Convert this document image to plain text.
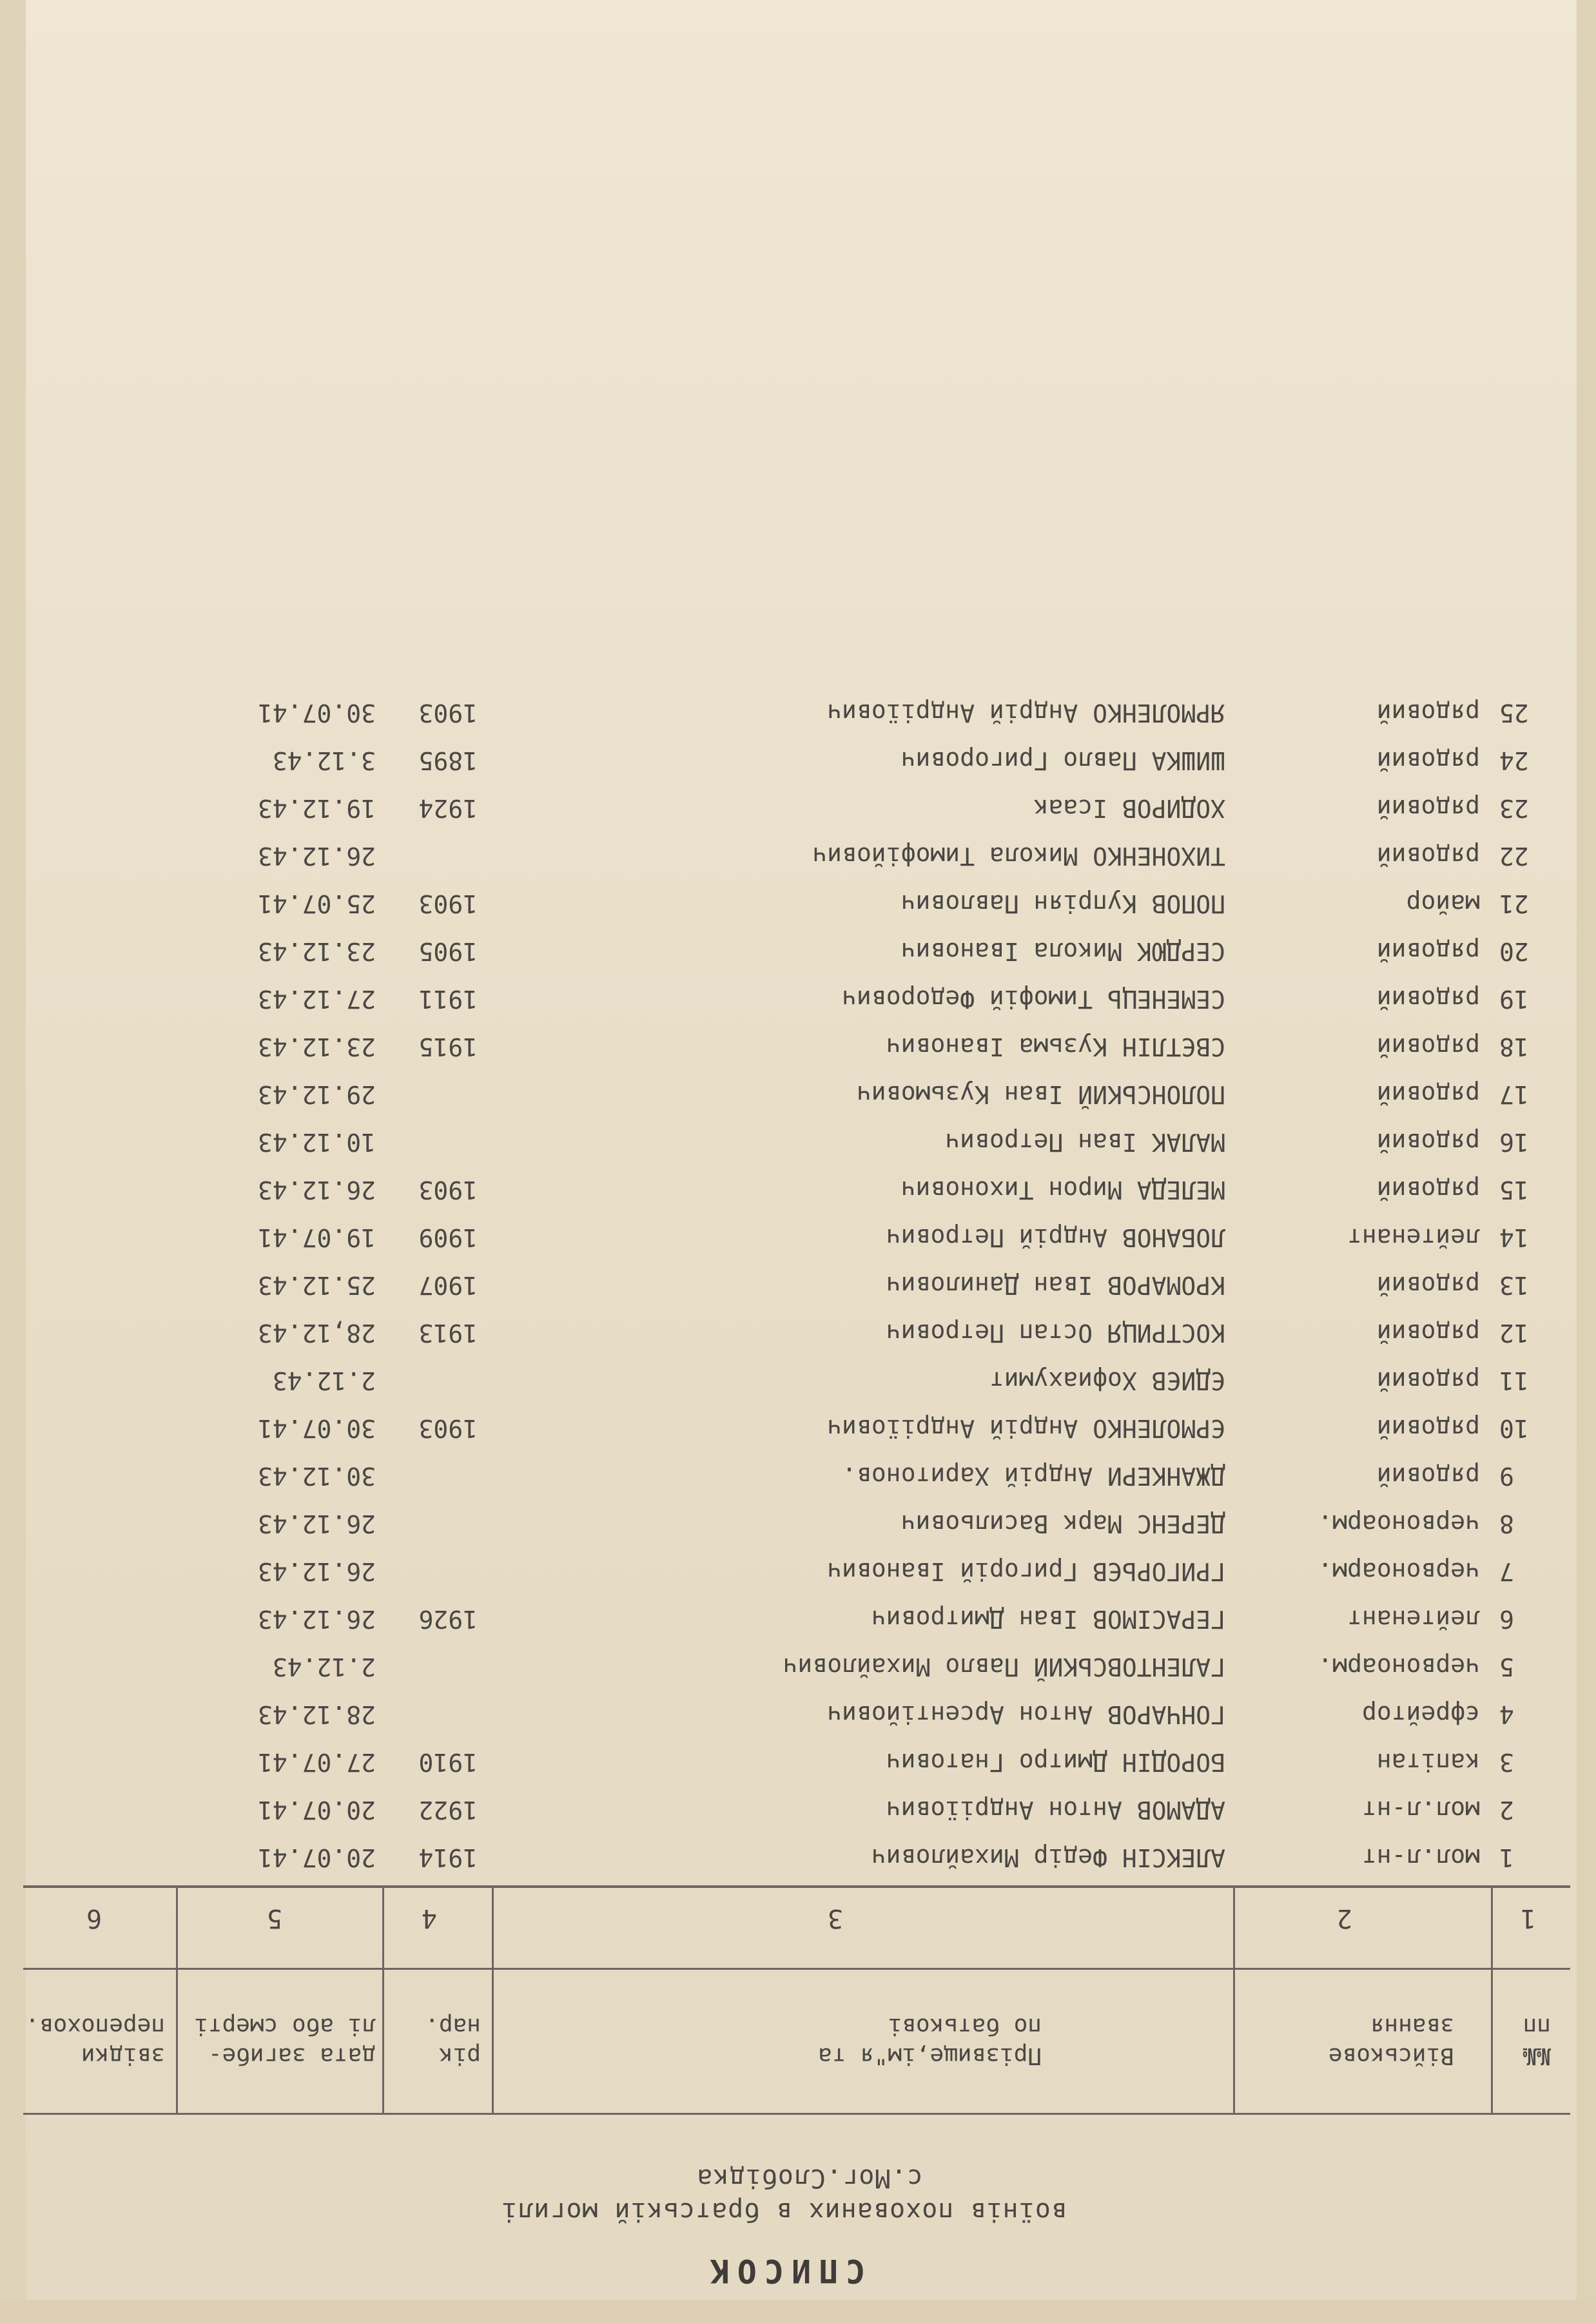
СПИСОК
воїнів похованих в братській могилі
с.Мог.Слобідка
№№
пп
Військове
звання
Прізвище,ім"я та
по батькові
рік
нар.
дата загибе-
лі або смерті
звідки
перепохов.
1
2
3
4
5
6
1
мол.л-нт
АЛЕКСІН Федір Михайлович
1914
20.07.41
2
мол.л-нт
АДАМОВ Антон Андріїович
1922
20.07.41
3
капітан
БОРОДІН Дмитро Гнатович
1910
27.07.41
4
єфрейтор
ГОНЧАРОВ Антон Арсентійович
28.12.43
5
червоноарм.
ГАЛЕНТОВСЬКИЙ Павло Михайлович
2.12.43
6
лейтенант
ГЕРАСІМОВ Іван Дмитрович
1926
26.12.43
7
червоноарм.
ГРИГОРЬЄВ Григорій Іванович
26.12.43
8
червоноарм.
ДЕРЕНС Марк Васильович
26.12.43
9
рядовий
ДЖАНКЕРИ Андрій Харитонов.
30.12.43
10
рядовий
ЄРМОЛЕНКО Андрій Андріїович
1903
30.07.41
11
рядовий
ЄДИЄВ Хофиахумит
2.12.43
12
рядовий
КОСТРИЦЯ Остап Петрович
1913
28,12.43
13
рядовий
КРОМАРОВ Іван Данилович
1907
25.12.43
14
лейтенант
ЛОБАНОВ Андрій Петрович
1909
19.07.41
15
рядовий
МЕЛЕДА Мирон Тихонович
1903
26.12.43
16
рядовий
МАЛАК Іван Петрович
10.12.43
17
рядовий
ПОЛОНСЬКИЙ Іван Кузьмович
29.12.43
18
рядовий
СВЄТЛІН Кузьма Іванович
1915
23.12.43
19
рядовий
СЕМЕНЕЦЬ Тимофій Федорович
1911
27.12.43
20
рядовий
СЕРДЮК Микола Іванович
1905
23.12.43
21
майор
ПОПОВ Купріян Павлович
1903
25.07.41
22
рядовий
ТИХОНЕНКО Микола Тимофійович
26.12.43
23
рядовий
ХОДИРОВ Ісаак
1924
19.12.43
24
рядовий
ШИШКА Павло Григорович
1895
3.12.43
25
рядовий
ЯРМОЛЕНКО Андрій Андріїович
1903
30.07.41
